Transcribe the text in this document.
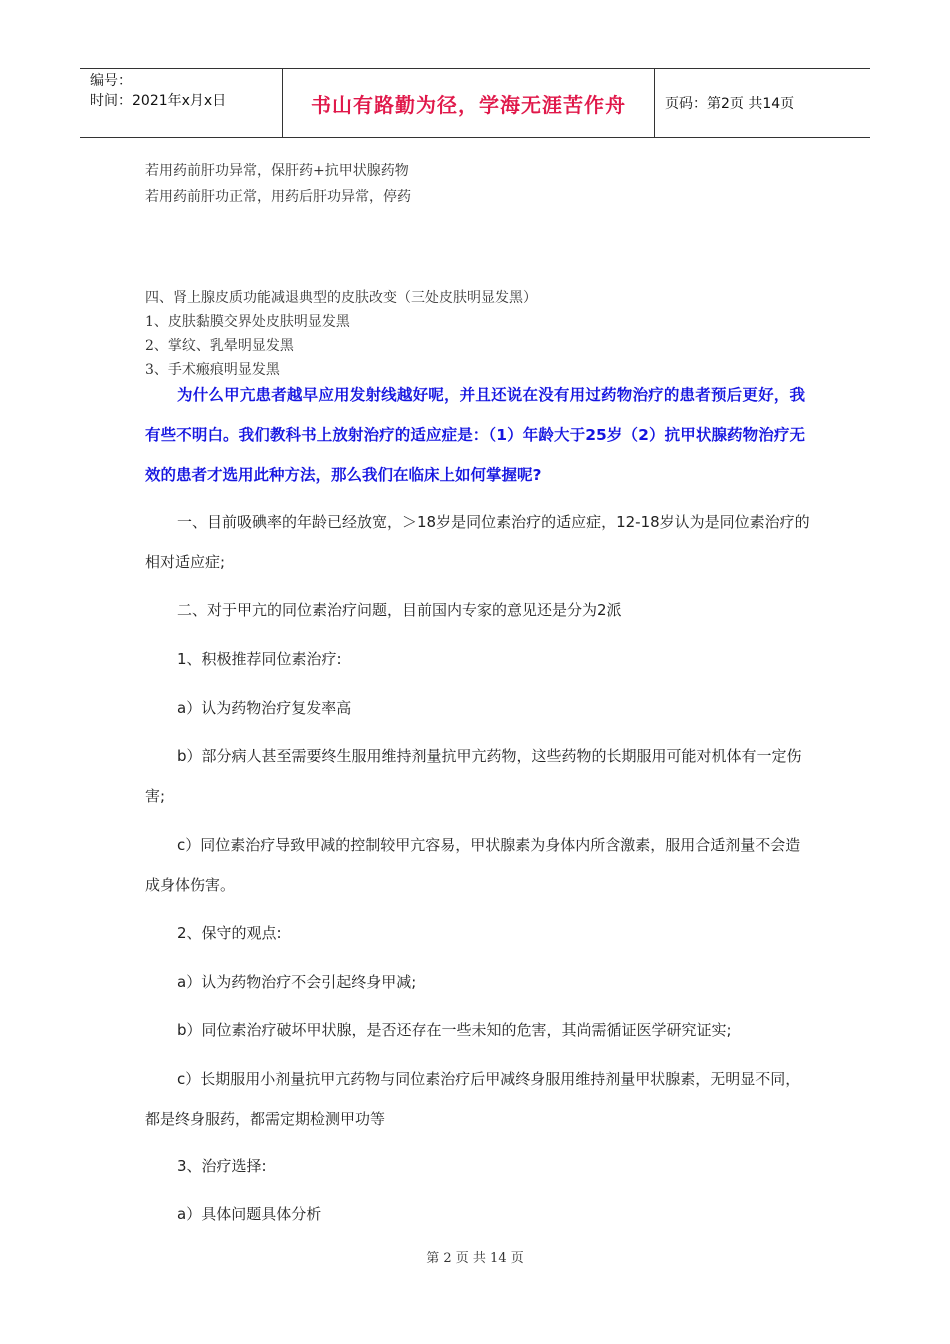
编号：
时间：2021年x月x日	书山有路勤为径，学海无涯苦作舟	页码：第2页 共14页
若用药前肝功异常，保肝药+抗甲状腺药物
若用药前肝功正常，用药后肝功异常，停药
四、肾上腺皮质功能减退典型的皮肤改变（三处皮肤明显发黑）
1、皮肤黏膜交界处皮肤明显发黑
2、掌纹、乳晕明显发黑
3、手术瘢痕明显发黑
为什么甲亢患者越早应用发射线越好呢，并且还说在没有用过药物治疗的患者预后更好，我有些不明白。我们教科书上放射治疗的适应症是：（1）年龄大于25岁（2）抗甲状腺药物治疗无效的患者才选用此种方法，那么我们在临床上如何掌握呢?
一、目前吸碘率的年龄已经放宽，＞18岁是同位素治疗的适应症，12-18岁认为是同位素治疗的相对适应症;
二、对于甲亢的同位素治疗问题，目前国内专家的意见还是分为2派
1、积极推荐同位素治疗:
a）认为药物治疗复发率高
b）部分病人甚至需要终生服用维持剂量抗甲亢药物，这些药物的长期服用可能对机体有一定伤害;
c）同位素治疗导致甲减的控制较甲亢容易，甲状腺素为身体内所含激素，服用合适剂量不会造成身体伤害。
2、保守的观点:
a）认为药物治疗不会引起终身甲减;
b）同位素治疗破坏甲状腺，是否还存在一些未知的危害，其尚需循证医学研究证实;
c）长期服用小剂量抗甲亢药物与同位素治疗后甲减终身服用维持剂量甲状腺素，无明显不同，都是终身服药，都需定期检测甲功等
3、治疗选择:
a）具体问题具体分析
第 2 页 共 14 页
